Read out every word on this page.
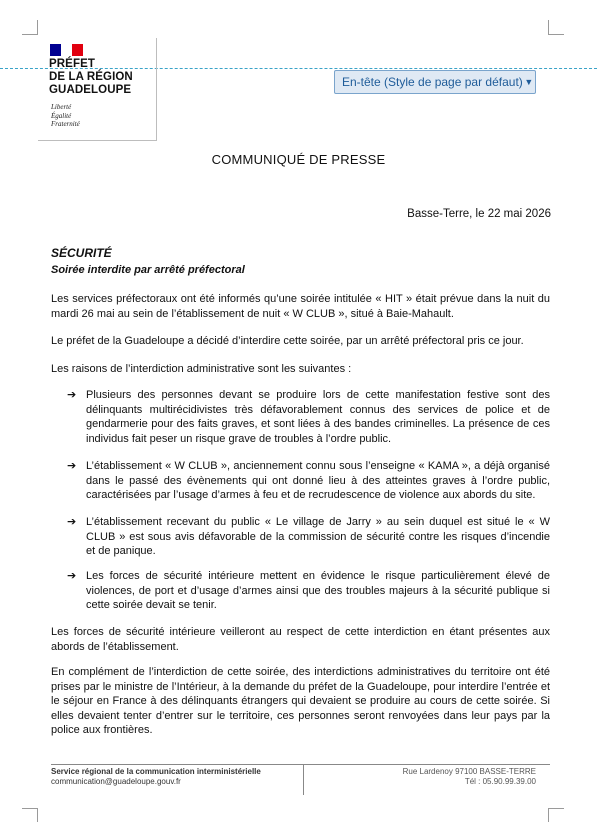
PRÉFET
DE LA RÉGION
GUADELOUPE
Liberté
Égalité
Fraternité
En-tête (Style de page par défaut) ▼
COMMUNIQUÉ DE PRESSE
Basse-Terre, le 22 mai 2026
SÉCURITÉ
Soirée interdite par arrêté préfectoral
Les services préfectoraux ont été informés qu’une soirée intitulée « HIT » était prévue dans la nuit du mardi 26 mai au sein de l’établissement de nuit « W CLUB », situé à Baie-Mahault.
Le préfet de la Guadeloupe a décidé d’interdire cette soirée, par un arrêté préfectoral pris ce jour.
Les raisons de l’interdiction administrative sont les suivantes :
➔ Plusieurs des personnes devant se produire lors de cette manifestation festive sont des délinquants multirécidivistes très défavorablement connus des services de police et de gendarmerie pour des faits graves, et sont liées à des bandes criminelles. La présence de ces individus fait peser un risque grave de troubles à l’ordre public.
➔ L’établissement « W CLUB », anciennement connu sous l’enseigne « KAMA », a déjà organisé dans le passé des évènements qui ont donné lieu à des atteintes graves à l’ordre public, caractérisées par l’usage d’armes à feu et de recrudescence de violence aux abords du site.
➔ L’établissement recevant du public « Le village de Jarry » au sein duquel est situé le « W CLUB » est sous avis défavorable de la commission de sécurité contre les risques d’incendie et de panique.
➔ Les forces de sécurité intérieure mettent en évidence le risque particulièrement élevé de violences, de port et d’usage d’armes ainsi que des troubles majeurs à la sécurité publique si cette soirée devait se tenir.
Les forces de sécurité intérieure veilleront au respect de cette interdiction en étant présentes aux abords de l’établissement.
En complément de l’interdiction de cette soirée, des interdictions administratives du territoire ont été prises par le ministre de l’Intérieur, à la demande du préfet de la Guadeloupe, pour interdire l’entrée et le séjour en France à des délinquants étrangers qui devaient se produire au cours de cette soirée. Si elles devaient tenter d’entrer sur le territoire, ces personnes seront renvoyées dans leur pays par la police aux frontières.
Service régional de la communication interministérielle
communication@guadeloupe.gouv.fr
Rue Lardenoy 97100 BASSE-TERRE
Tél : 05.90.99.39.00
